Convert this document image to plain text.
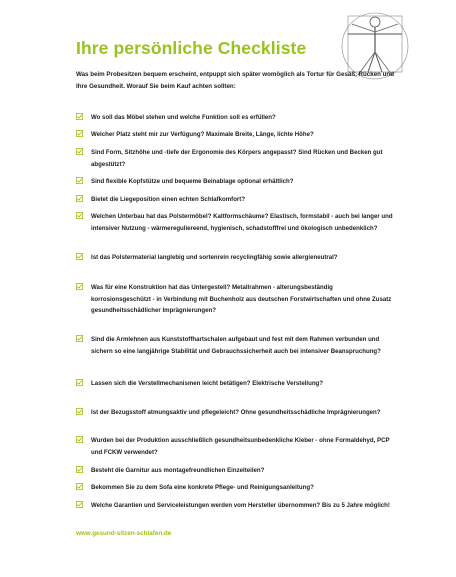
Ihre persönliche Checkliste
Was beim Probesitzen bequem erscheint, entpuppt sich später womöglich als Tortur für Gesäß, Rücken und Ihre Gesundheit. Worauf Sie beim Kauf achten sollten:
Wo soll das Möbel stehen und welche Funktion soll es erfüllen?
Welcher Platz steht mir zur Verfügung? Maximale Breite, Länge, lichte Höhe?
Sind Form, Sitzhöhe und -tiefe der Ergonomie des Körpers angepasst? Sind Rücken und Becken gut abgestützt?
Sind flexible Kopfstütze und bequeme Beinablage optional erhältlich?
Bietet die Liegeposition einen echten Schlafkomfort?
Welchen Unterbau hat das Polstermöbel? Kaltformschäume? Elastisch, formstabil - auch bei langer und intensiver Nutzung - wärmereguliereend, hygienisch, schadstofffrei und ökologisch unbedenklich?
Ist das Polstermaterial langlebig und sortenrein recyclingfähig sowie allergieneutral?
Was für eine Konstruktion hat das Untergestell? Metallrahmen - alterungsbeständig korrosionsgeschützt - in Verbindung mit Buchenholz aus deutschen Forstwirtschaften und ohne Zusatz gesundheitsschädlicher Imprägnierungen?
Sind die Armlehnen aus Kunststoffhartschalen aufgebaut und fest mit dem Rahmen verbunden und sichern so eine langjährige Stabilität und Gebrauchssicherheit auch bei intensiver Beanspruchung?
Lassen sich die Verstellmechanismen leicht betätigen? Elektrische Verstellung?
Ist der Bezugsstoff atmungsaktiv und pflegeleicht? Ohne gesundheitsschädliche Imprägnierungen?
Wurden bei der Produktion ausschließlich gesundheitsunbedenkliche Kleber - ohne Formaldehyd, PCP und FCKW verwendet?
Besteht die Garnitur aus montagefreundlichen Einzelteilen?
Bekommen Sie zu dem Sofa eine konkrete Pflege- und Reinigungsanleitung?
Welche Garantien und Serviceleistungen werden vom Hersteller übernommen? Bis zu 5 Jahre möglich!
www.gesund-sitzen-schlafen.de
